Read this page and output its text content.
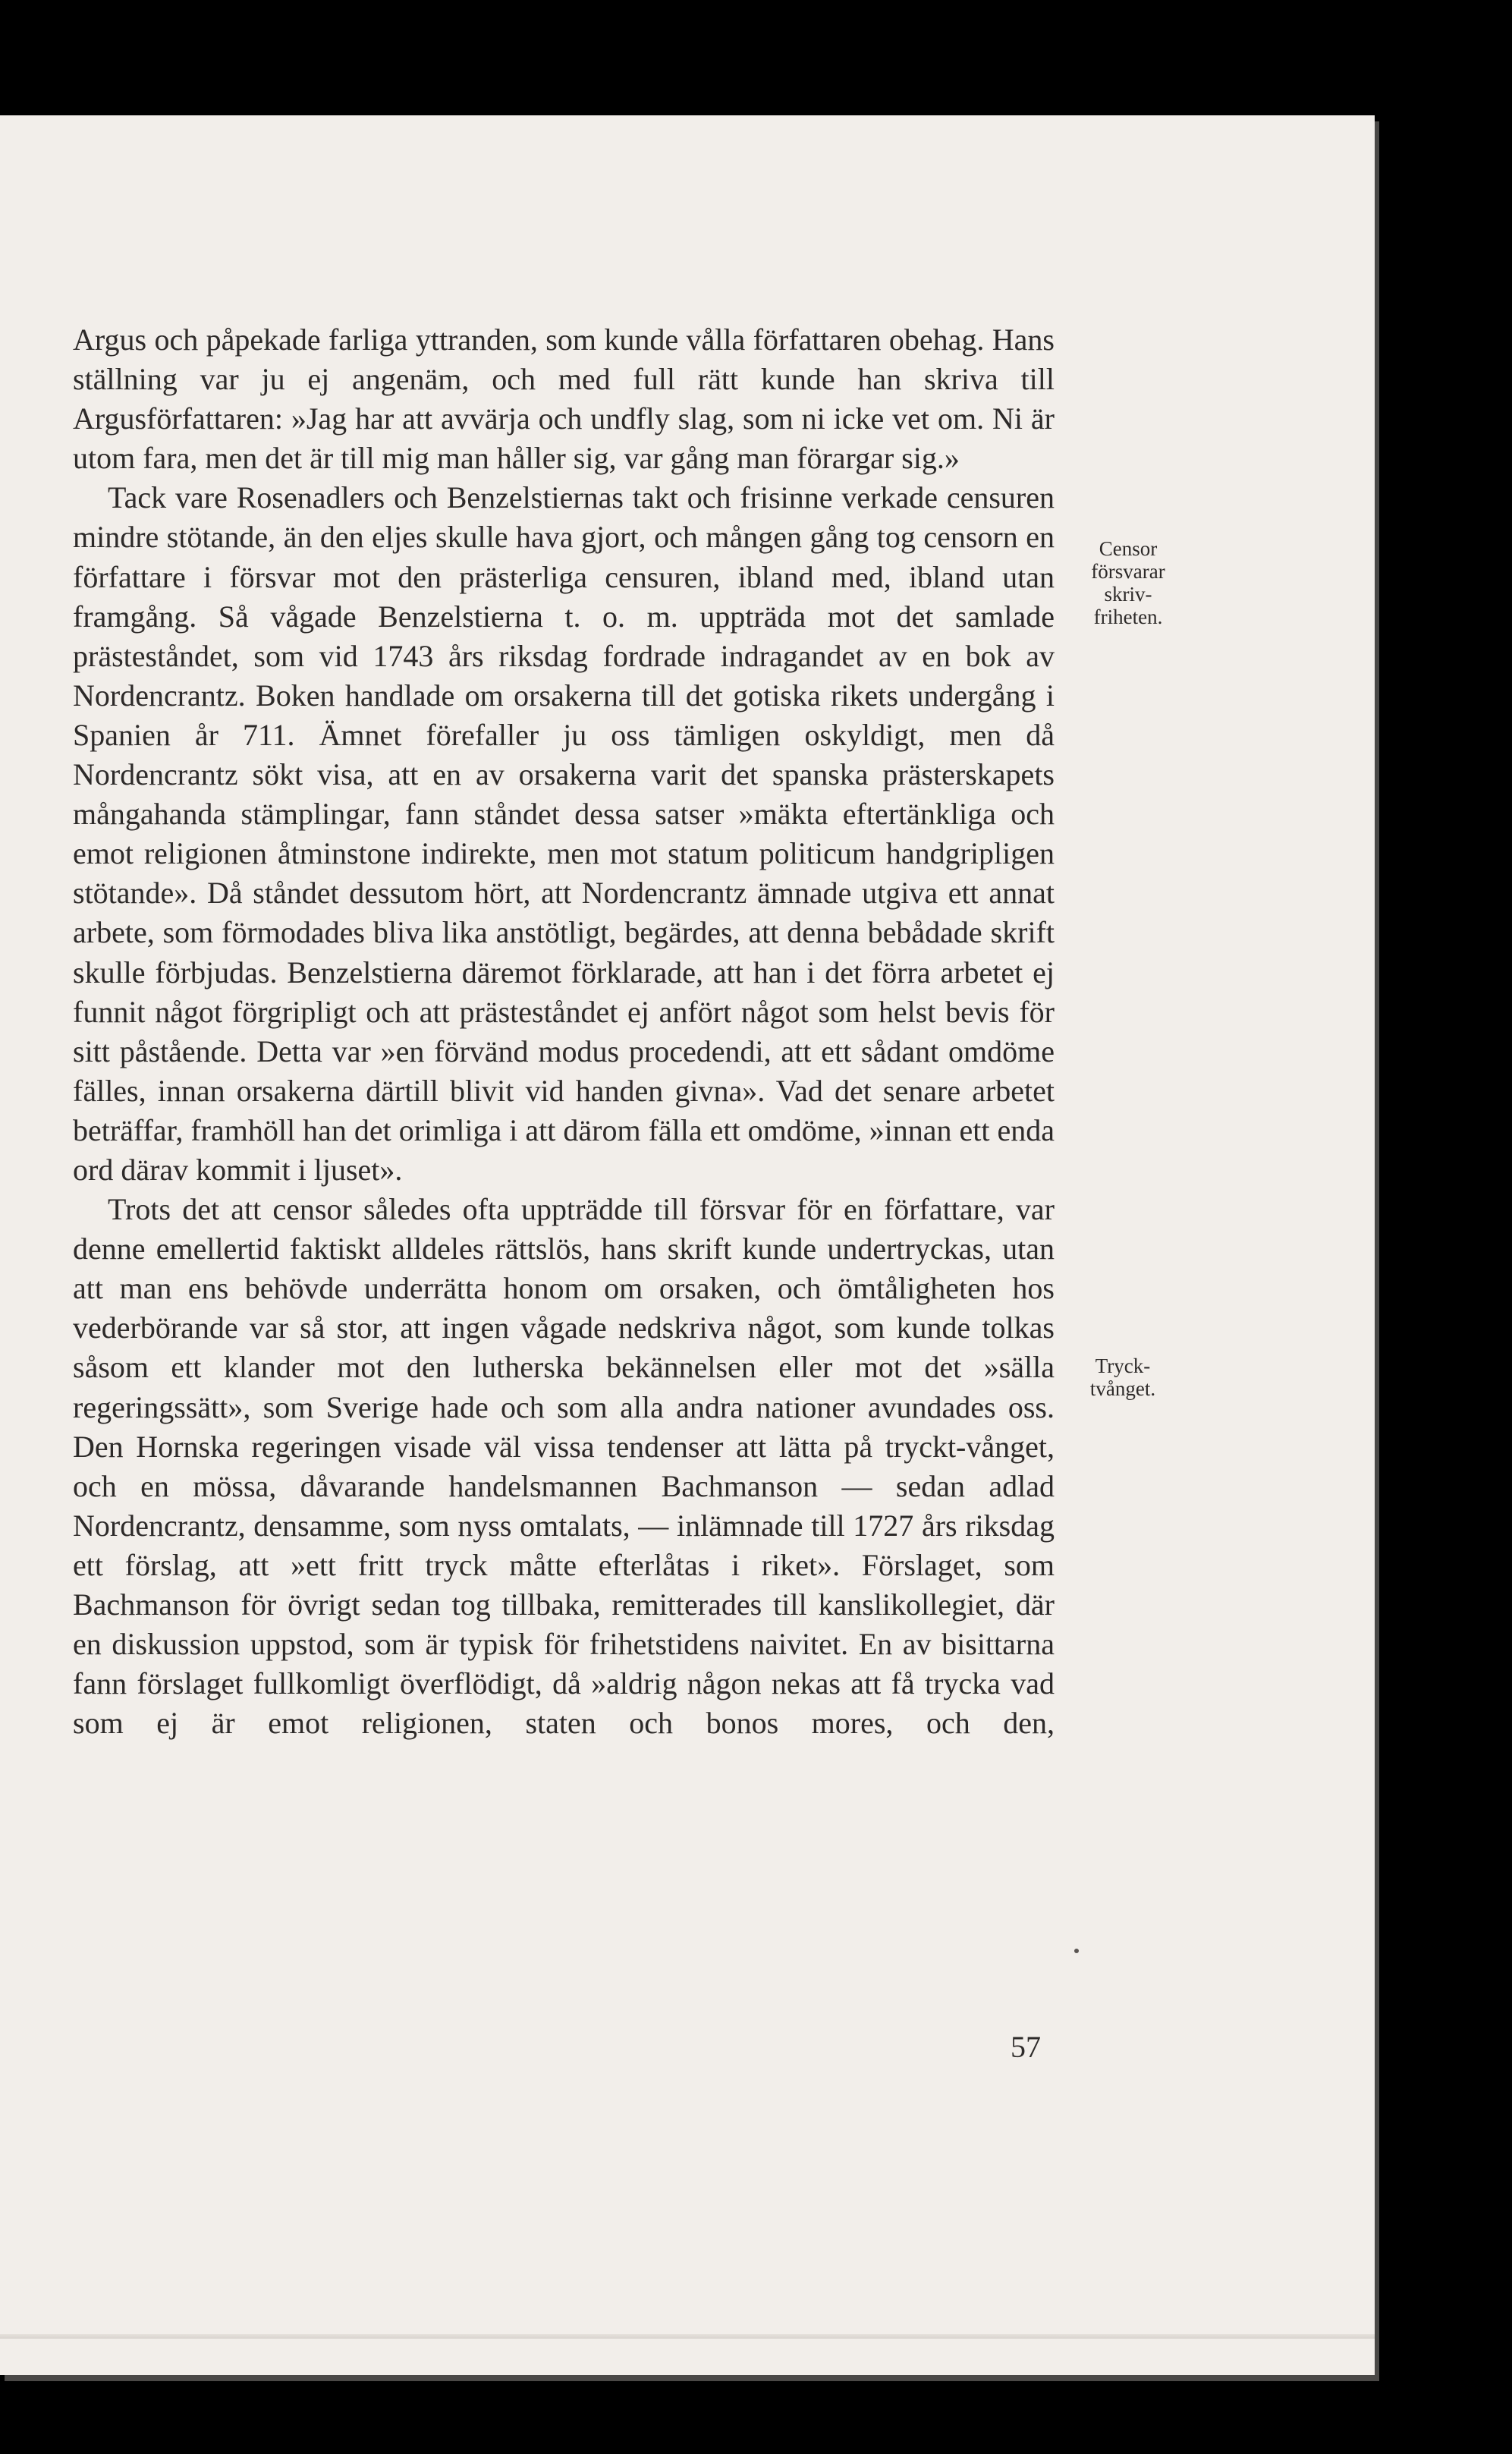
Argus och påpekade farliga yttranden, som kunde vålla författaren obehag. Hans ställning var ju ej angenäm, och med full rätt kunde han skriva till Argusförfattaren: »Jag har att avvärja och undfly slag, som ni icke vet om. Ni är utom fara, men det är till mig man håller sig, var gång man förargar sig.»

Tack vare Rosenadlers och Benzelstiernas takt och frisinne verkade censuren mindre stötande, än den eljes skulle hava gjort, och mången gång tog censorn en författare i försvar mot den prästerliga censuren, ibland med, ibland utan framgång. Så vågade Benzelstierna t. o. m. uppträda mot det samlade prästeståndet, som vid 1743 års riksdag fordrade indragandet av en bok av Nordencrantz. Boken handlade om orsakerna till det gotiska rikets undergång i Spanien år 711. Ämnet förefaller ju oss tämligen oskyldigt, men då Nordencrantz sökt visa, att en av orsakerna varit det spanska prästerskapets mångahanda stämplingar, fann ståndet dessa satser »mäkta eftertänkliga och emot religionen åtminstone indirekte, men mot statum politicum handgripligen stötande». Då ståndet dessutom hört, att Nordencrantz ämnade utgiva ett annat arbete, som förmodades bliva lika anstötligt, begärdes, att denna bebådade skrift skulle förbjudas. Benzelstierna däremot förklarade, att han i det förra arbetet ej funnit något förgripligt och att prästeståndet ej anfört något som helst bevis för sitt påstående. Detta var »en förvänd modus procedendi, att ett sådant omdöme fälles, innan orsakerna därtill blivit vid handen givna». Vad det senare arbetet beträffar, framhöll han det orimliga i att därom fälla ett omdöme, »innan ett enda ord därav kommit i ljuset».

Trots det att censor således ofta uppträdde till försvar för en författare, var denne emellertid faktiskt alldeles rättslös, hans skrift kunde undertryckas, utan att man ens behövde underrätta honom om orsaken, och ömtåligheten hos vederbörande var så stor, att ingen vågade nedskriva något, som kunde tolkas såsom ett klander mot den lutherska bekännelsen eller mot det »sälla regeringssätt», som Sverige hade och som alla andra nationer avundades oss. Den Hornska regeringen visade väl vissa tendenser att lätta på tryckt-vånget, och en mössa, dåvarande handelsmannen Bachmanson — sedan adlad Nordencrantz, densamme, som nyss omtalats, — inlämnade till 1727 års riksdag ett förslag, att »ett fritt tryck måtte efterlåtas i riket». Förslaget, som Bachmanson för övrigt sedan tog tillbaka, remitterades till kanslikollegiet, där en diskussion uppstod, som är typisk för frihetstidens naivitet. En av bisittarna fann förslaget fullkomligt överflödigt, då »aldrig någon nekas att få trycka vad som ej är emot religionen, staten och bonos mores, och den,

Censor
försvarar
skriv-
friheten.
Tryck-
tvånget.
57
